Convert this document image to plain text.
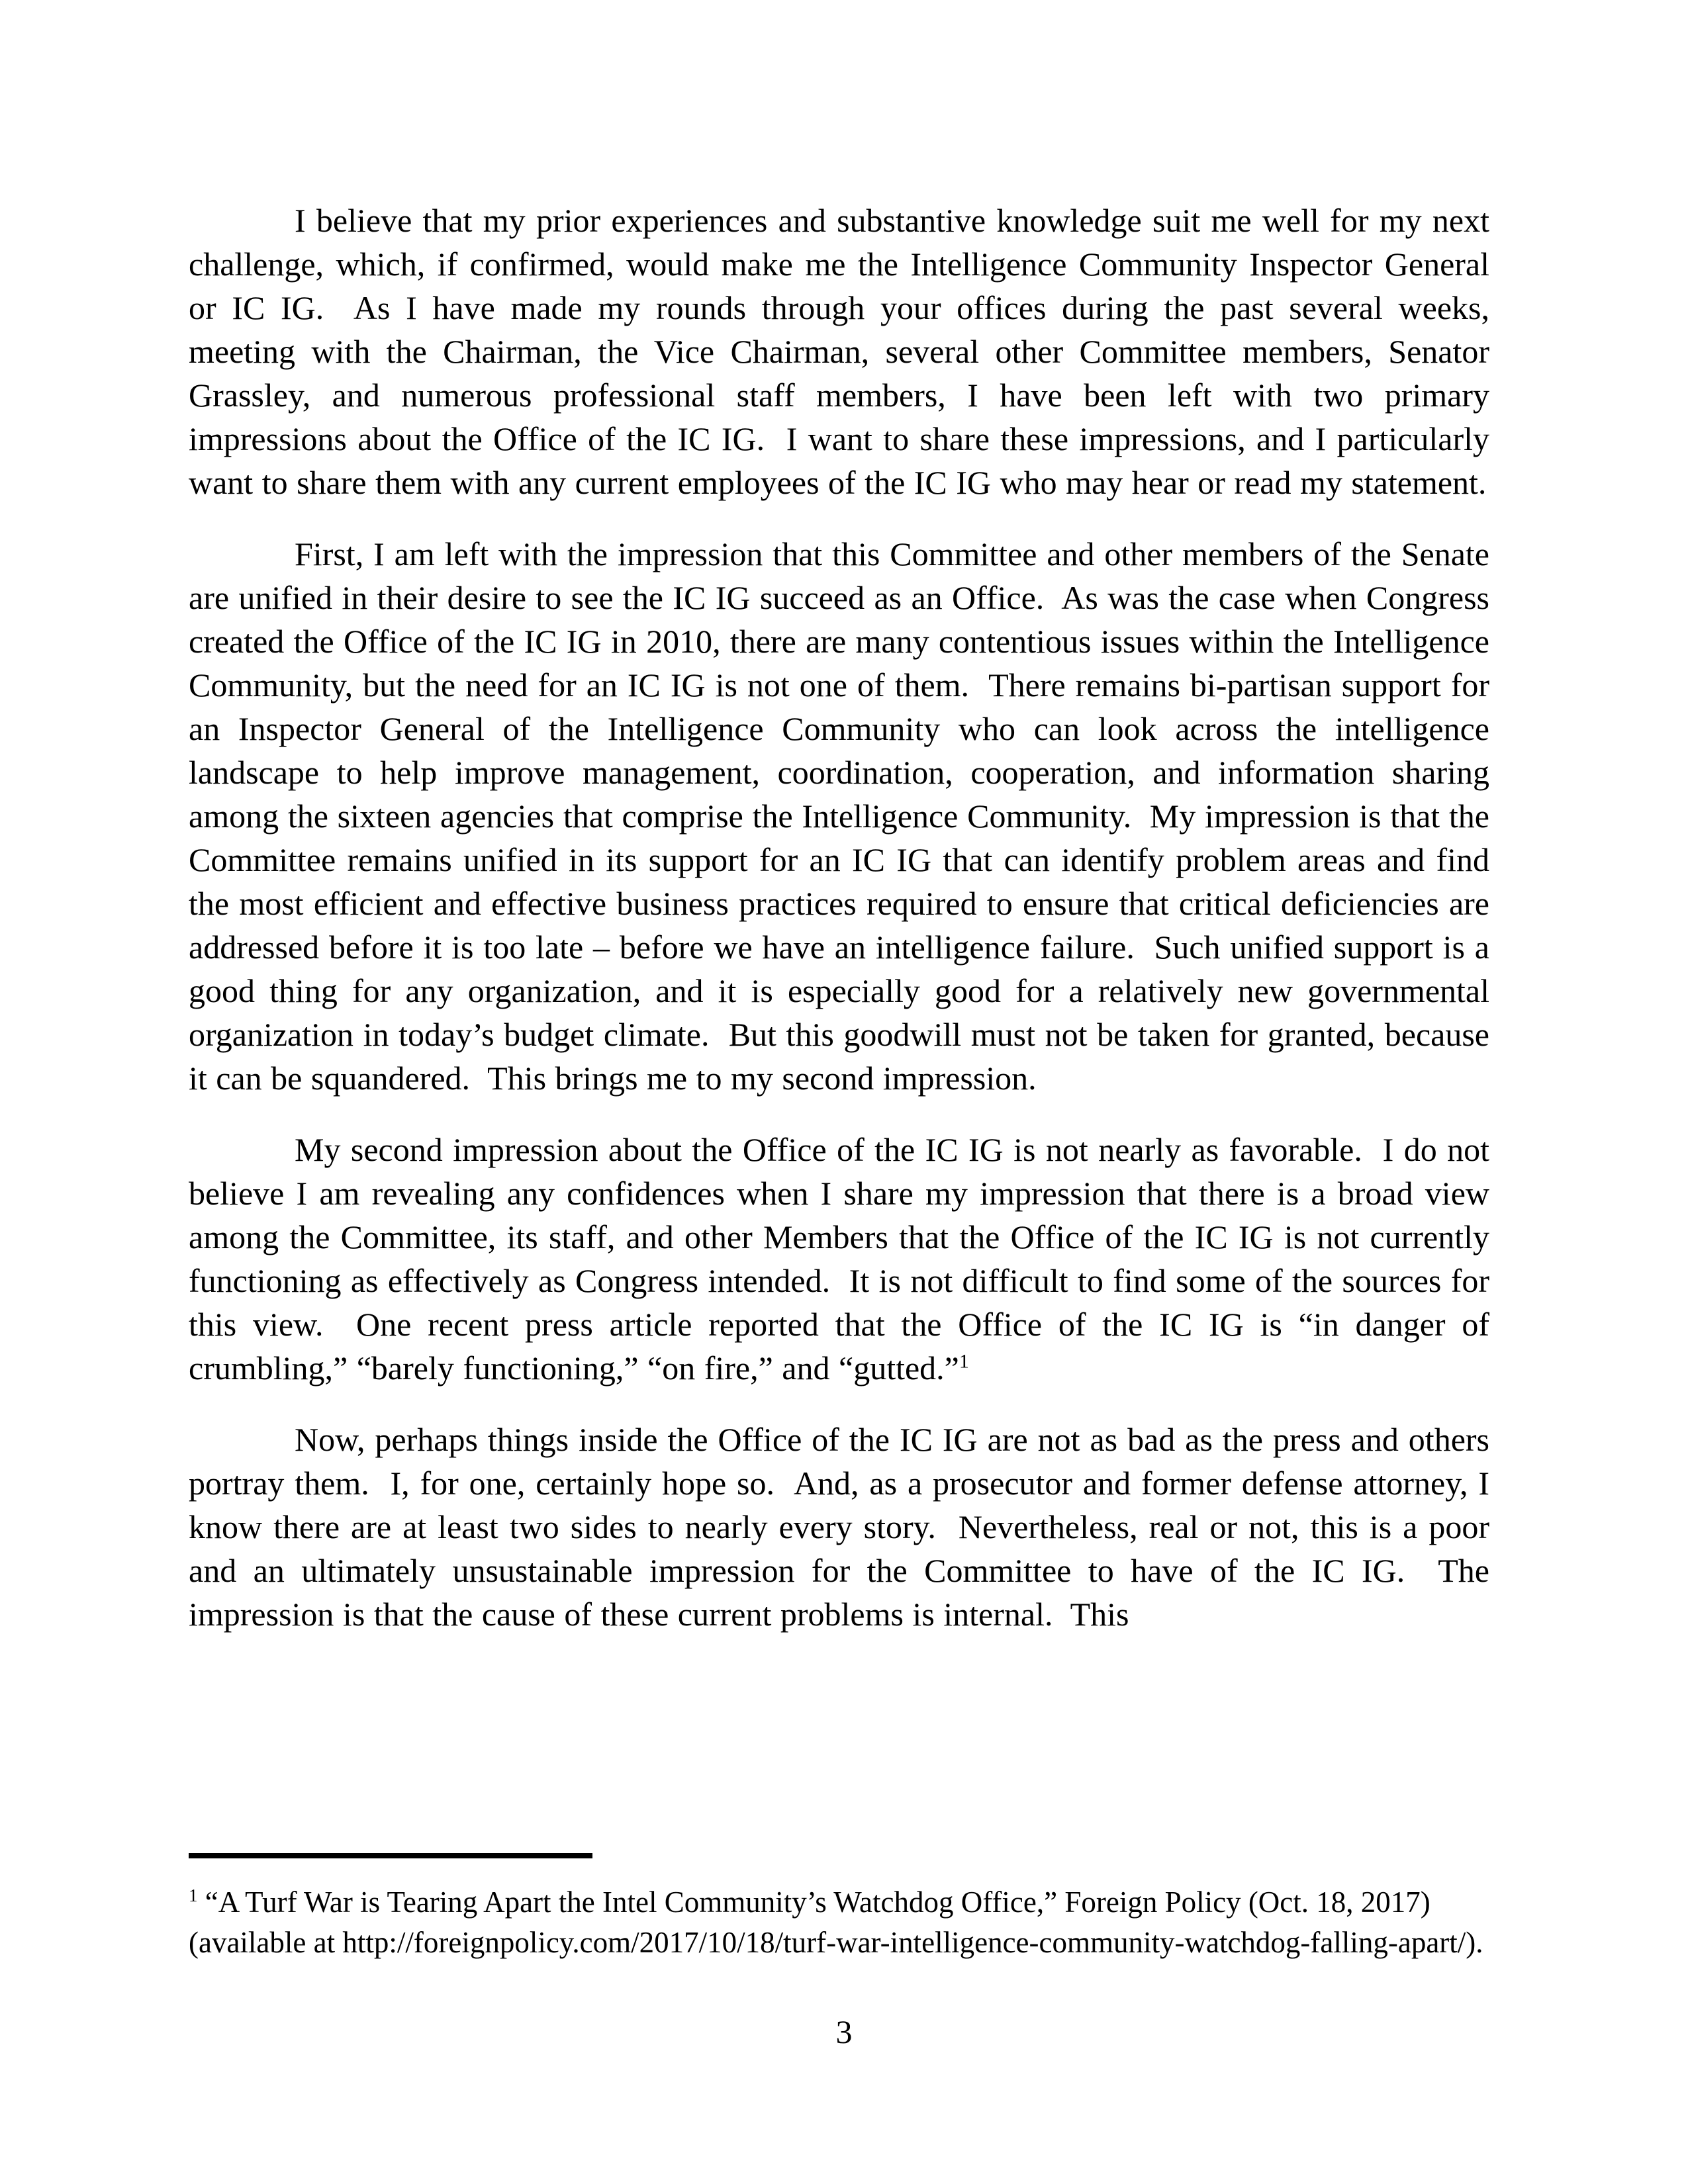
I believe that my prior experiences and substantive knowledge suit me well for my next challenge, which, if confirmed, would make me the Intelligence Community Inspector General or IC IG.  As I have made my rounds through your offices during the past several weeks, meeting with the Chairman, the Vice Chairman, several other Committee members, Senator Grassley, and numerous professional staff members, I have been left with two primary impressions about the Office of the IC IG.  I want to share these impressions, and I particularly want to share them with any current employees of the IC IG who may hear or read my statement.

First, I am left with the impression that this Committee and other members of the Senate are unified in their desire to see the IC IG succeed as an Office.  As was the case when Congress created the Office of the IC IG in 2010, there are many contentious issues within the Intelligence Community, but the need for an IC IG is not one of them.  There remains bi-partisan support for an Inspector General of the Intelligence Community who can look across the intelligence landscape to help improve management, coordination, cooperation, and information sharing among the sixteen agencies that comprise the Intelligence Community.  My impression is that the Committee remains unified in its support for an IC IG that can identify problem areas and find the most efficient and effective business practices required to ensure that critical deficiencies are addressed before it is too late – before we have an intelligence failure.  Such unified support is a good thing for any organization, and it is especially good for a relatively new governmental organization in today’s budget climate.  But this goodwill must not be taken for granted, because it can be squandered.  This brings me to my second impression.

My second impression about the Office of the IC IG is not nearly as favorable.  I do not believe I am revealing any confidences when I share my impression that there is a broad view among the Committee, its staff, and other Members that the Office of the IC IG is not currently functioning as effectively as Congress intended.  It is not difficult to find some of the sources for this view.  One recent press article reported that the Office of the IC IG is “in danger of crumbling,” “barely functioning,” “on fire,” and “gutted.”$^1$

Now, perhaps things inside the Office of the IC IG are not as bad as the press and others portray them.  I, for one, certainly hope so.  And, as a prosecutor and former defense attorney, I know there are at least two sides to nearly every story.  Nevertheless, real or not, this is a poor and an ultimately unsustainable impression for the Committee to have of the IC IG.  The impression is that the cause of these current problems is internal.  This

$^1$ “A Turf War is Tearing Apart the Intel Community’s Watchdog Office,” Foreign Policy (Oct. 18, 2017) (available at http://foreignpolicy.com/2017/10/18/turf-war-intelligence-community-watchdog-falling-apart/).

3
